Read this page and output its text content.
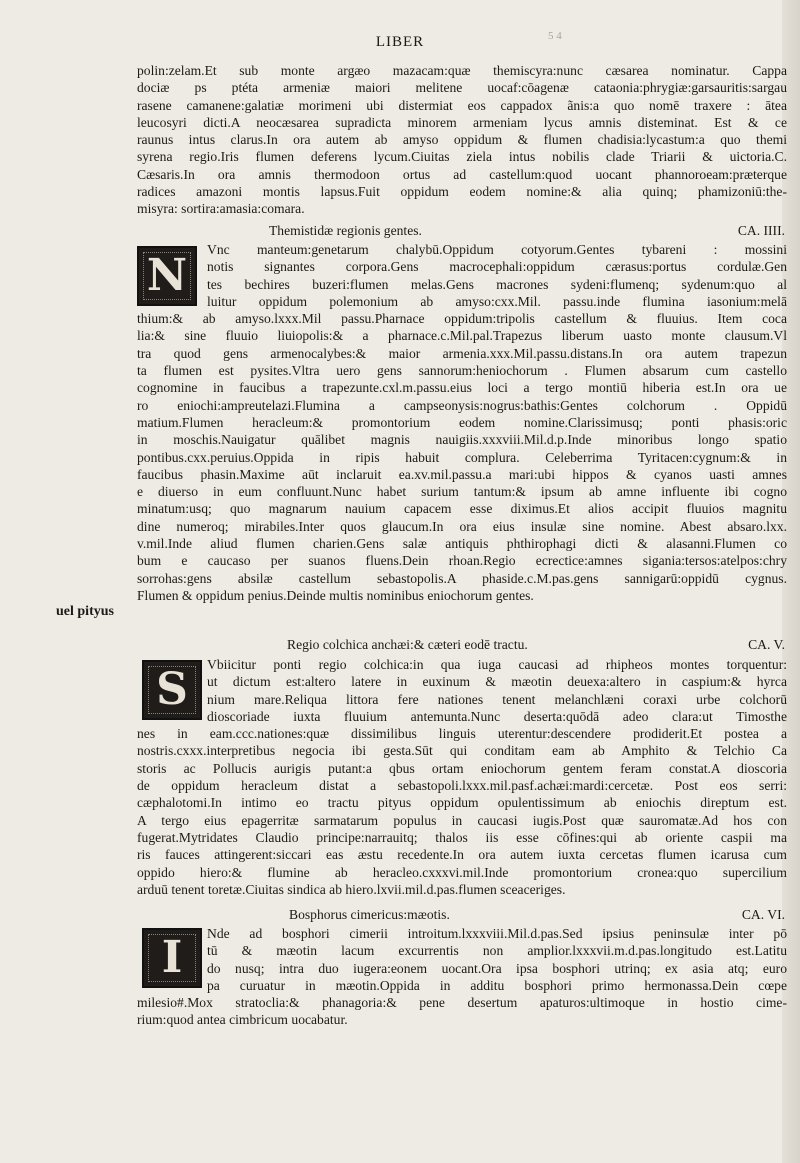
5 4
LIBER
uel pityus
polin:zelam.Et sub monte argæo mazacam:quæ themiscyra:nunc cæsarea nominatur. Cappa
dociæ ps ptéta armeniæ maiori melitene uocaf:cōagenæ cataonia:phrygiæ:garsauritis:sargau
rasene camanene:galatiæ morimeni ubi distermiat eos cappadox ãnis:a quo nomē traxere : ātea
leucosyri dicti.A neocæsarea supradicta minorem armeniam lycus amnis disteminat. Est & ce
raunus intus clarus.In ora autem ab amyso oppidum & flumen chadisia:lycastum:a quo themi
syrena regio.Iris flumen deferens lycum.Ciuitas ziela intus nobilis clade Triarii & uictoria.C.
Cæsaris.In ora amnis thermodoon ortus ad castellum:quod uocant phannoroeam:præterque
radices amazoni montis lapsus.Fuit oppidum eodem nomine:& alia quinq; phamizoniū:the-
misyra: sortira:amasia:comara.
Themistidæ regionis gentes.	CA. IIII.
N
Vnc manteum:genetarum chalybū.Oppidum cotyorum.Gentes tybareni : mossini
notis signantes corpora.Gens macrocephali:oppidum cærasus:portus cordulæ.Gen
tes bechires buzeri:flumen melas.Gens macrones sydeni:flumenq; sydenum:quo al
luitur oppidum polemonium ab amyso:cxx.Mil. passu.inde flumina iasonium:melā
thium:& ab amyso.lxxx.Mil passu.Pharnace oppidum:tripolis castellum & fluuius. Item coca
lia:& sine fluuio liuiopolis:& a pharnace.c.Mil.pal.Trapezus liberum uasto monte clausum.Vl
tra quod gens armenocalybes:& maior armenia.xxx.Mil.passu.distans.In ora autem trapezun
ta flumen est pysites.Vltra uero gens sannorum:heniochorum . Flumen absarum cum castello
cognomine in faucibus a trapezunte.cxl.m.passu.eius loci a tergo montiū hiberia est.In ora ue
ro eniochi:ampreutelazi.Flumina a campseonysis:nogrus:bathis:Gentes colchorum . Oppidū
matium.Flumen heracleum:& promontorium eodem nomine.Clarissimusq; ponti phasis:oric
in moschis.Nauigatur quālibet magnis nauigiis.xxxviii.Mil.d.p.Inde minoribus longo spatio
pontibus.cxx.peruius.Oppida in ripis habuit complura. Celeberrima Tyritacen:cygnum:& in
faucibus phasin.Maxime aūt inclaruit ea.xv.mil.passu.a mari:ubi hippos & cyanos uasti amnes
e diuerso in eum confluunt.Nunc habet surium tantum:& ipsum ab amne influente ibi cogno
minatum:usq; quo magnarum nauium capacem esse diximus.Et alios accipit fluuios magnitu
dine numeroq; mirabiles.Inter quos glaucum.In ora eius insulæ sine nomine. Abest absaro.lxx.
v.mil.Inde aliud flumen charien.Gens salæ antiquis phthirophagi dicti & alasanni.Flumen co
bum e caucaso per suanos fluens.Dein rhoan.Regio ecrectice:amnes sigania:tersos:atelpos:chry
sorrohas:gens absilæ castellum sebastopolis.A phaside.c.M.pas.gens sannigarū:oppidū cygnus.
Flumen & oppidum penius.Deinde multis nominibus eniochorum gentes.
Regio colchica anchæi:& cæteri eodē tractu.	CA. V.
S	Vbiicitur ponti regio colchica:in qua iuga caucasi ad rhipheos montes torquentur:
ut dictum est:altero latere in euxinum & mæotin deuexa:altero in caspium:& hyrca
nium mare.Reliqua littora fere nationes tenent melanchlæni coraxi urbe colchorū
dioscoriade iuxta fluuium antemunta.Nunc deserta:quōdā adeo clara:ut Timosthe
nes in eam.ccc.nationes:quæ dissimilibus linguis uterentur:descendere prodiderit.Et postea a
nostris.cxxx.interpretibus negocia ibi gesta.Sūt qui conditam eam ab Amphito & Telchio Ca
storis ac Pollucis aurigis putant:a qbus ortam eniochorum gentem feram constat.A dioscoria
de oppidum heracleum distat a sebastopoli.lxxx.mil.pasf.achæi:mardi:cercetæ. Post eos serri:
cæphalotomi.In intimo eo tractu pityus oppidum opulentissimum ab eniochis direptum est.
A tergo eius epagerritæ sarmatarum populus in caucasi iugis.Post quæ sauromatæ.Ad hos con
fugerat.Mytridates Claudio principe:narrauitq; thalos iis esse cōfines:qui ab oriente caspii ma
ris fauces attingerent:siccari eas æstu recedente.In ora autem iuxta cercetas flumen icarusa cum
oppido hiero:& flumine ab heracleo.cxxxvi.mil.Inde promontorium cronea:quo supercilium
arduū tenent toretæ.Ciuitas sindica ab hiero.lxvii.mil.d.pas.flumen sceaceriges.
Bosphorus cimericus:mæotis.	CA. VI.
I	Nde ad bosphori cimerii introitum.lxxxviii.Mil.d.pas.Sed ipsius peninsulæ inter pō
tū & mæotin lacum excurrentis non amplior.lxxxvii.m.d.pas.longitudo est.Latitu
do nusq; intra duo iugera:eonem uocant.Ora ipsa bosphori utrinq; ex asia atq; euro
pa curuatur in mæotin.Oppida in additu bosphori primo hermonassa.Dein cœpe
milesio#.Mox stratoclia:& phanagoria:& pene desertum apaturos:ultimoque in hostio cime-
rium:quod antea cimbricum uocabatur.
